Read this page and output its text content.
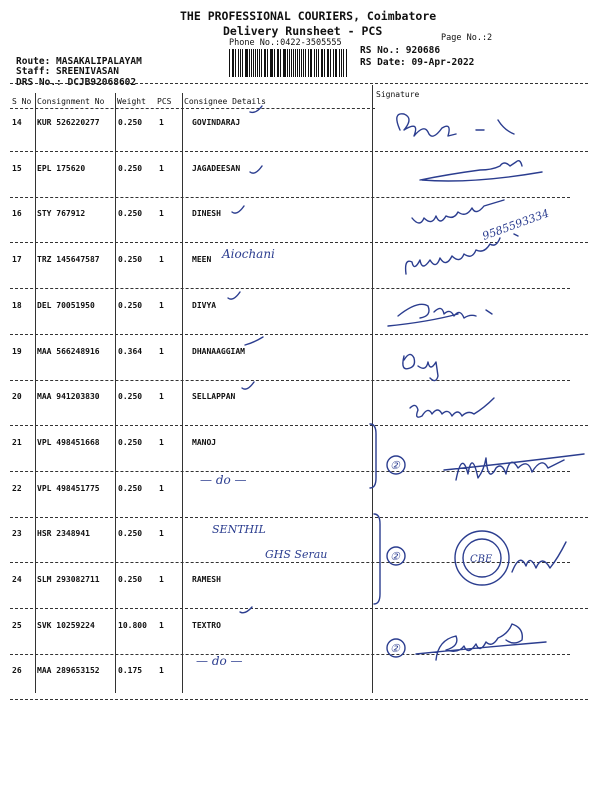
THE PROFESSIONAL COURIERS, Coimbatore
Delivery Runsheet - PCS
Phone No.:0422-3505555	Page No.:2
Route: MASAKALIPALAYAM
Staff: SREENIVASAN
DRS No.: DCJB92068602
RS No.: 920686
RS Date: 09-Apr-2022
S No Consignment No Weight PCS Consignee Details
Signature
14 KUR 526220277 0.250 1	GOVINDARAJ
15 EPL 175620	0.250 1	JAGADEESAN
16 STY 767912	0.250 1	DINESH
17 TRZ 145647587 0.250 1	MEEN
18 DEL 70051950	0.250 1	DIVYA
19 MAA 566248916 0.364 1	DHANAAGGIAM
20 MAA 941203830 0.250 1	SELLAPPAN
21 VPL 498451668 0.250 1	MANOJ
22 VPL 498451775 0.250 1
23 HSR 2348941	0.250 1
24 SLM 293082711 0.250 1	RAMESH
25 SVK 10259224	10.800 1	TEXTRO
26 MAA 289653152 0.175 1
Aiochani
— do —
SENTHIL
GHS Serau
— do —
9585593334
②
②
②
CBE
